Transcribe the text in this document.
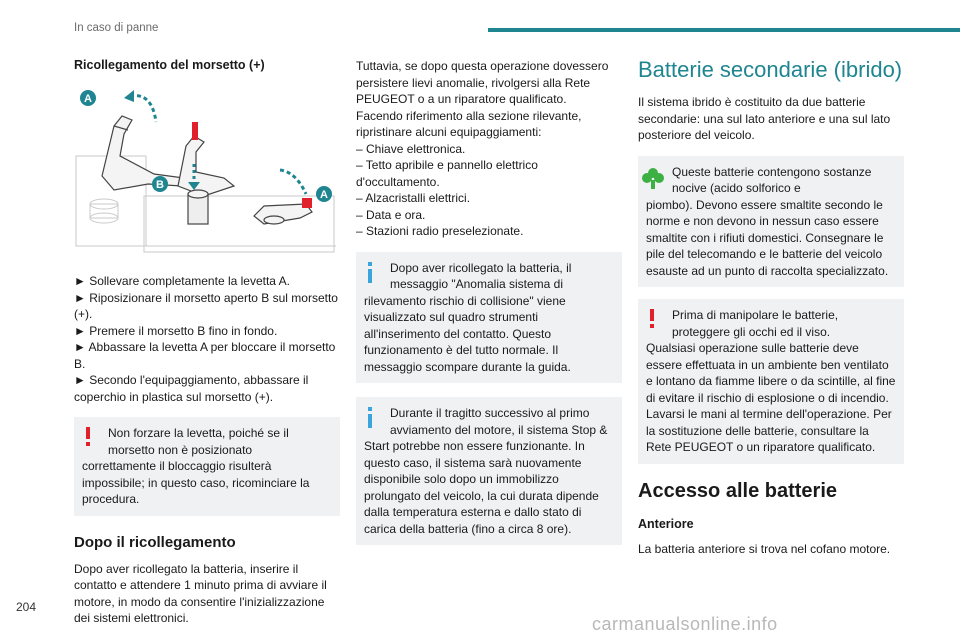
In caso di panne
Ricollegamento del morsetto (+)
A
B
A

► Sollevare completamente la levetta A.

► Riposizionare il morsetto aperto B sul morsetto (+).

► Premere il morsetto B fino in fondo.

► Abbassare la levetta A per bloccare il morsetto B.

► Secondo l'equipaggiamento, abbassare il coperchio in plastica sul morsetto (+).

Non forzare la levetta, poiché se il morsetto non è posizionato
correttamente il bloccaggio risulterà impossibile; in questo caso, ricominciare la procedura.
Dopo il ricollegamento

Dopo aver ricollegato la batteria, inserire il contatto e attendere 1 minuto prima di avviare il motore, in modo da consentire l'inizializzazione dei sistemi elettronici.

Tuttavia, se dopo questa operazione dovessero persistere lievi anomalie, rivolgersi alla Rete PEUGEOT o a un riparatore qualificato.

Facendo riferimento alla sezione rilevante, ripristinare alcuni equipaggiamenti:

– Chiave elettronica.
– Tetto apribile e pannello elettrico d'occultamento.
– Alzacristalli elettrici.
– Data e ora.
– Stazioni radio preselezionate.
Dopo aver ricollegato la batteria, il messaggio "Anomalia sistema di
rilevamento rischio di collisione" viene visualizzato sul quadro strumenti all'inserimento del contatto. Questo funzionamento è del tutto normale. Il messaggio scompare durante la guida.
Durante il tragitto successivo al primo avviamento del motore, il sistema Stop &
Start potrebbe non essere funzionante. In questo caso, il sistema sarà nuovamente disponibile solo dopo un immobilizzo prolungato del veicolo, la cui durata dipende dalla temperatura esterna e dallo stato di carica della batteria (fino a circa 8 ore).
Batterie secondarie (ibrido)

Il sistema ibrido è costituito da due batterie secondarie: una sul lato anteriore e una sul lato posteriore del veicolo.

Queste batterie contengono sostanze nocive (acido solforico e
piombo). Devono essere smaltite secondo le norme e non devono in nessun caso essere smaltite con i rifiuti domestici. Consegnare le pile del telecomando e le batterie del veicolo esauste ad un punto di raccolta specializzato.
Prima di manipolare le batterie, proteggere gli occhi ed il viso.
Qualsiasi operazione sulle batterie deve essere effettuata in un ambiente ben ventilato e lontano da fiamme libere o da scintille, al fine di evitare il rischio di esplosione o di incendio. Lavarsi le mani al termine dell'operazione. Per la sostituzione delle batterie, consultare la Rete PEUGEOT o un riparatore qualificato.
Accesso alle batterie
Anteriore

La batteria anteriore si trova nel cofano motore.

204
carmanualsonline.info
